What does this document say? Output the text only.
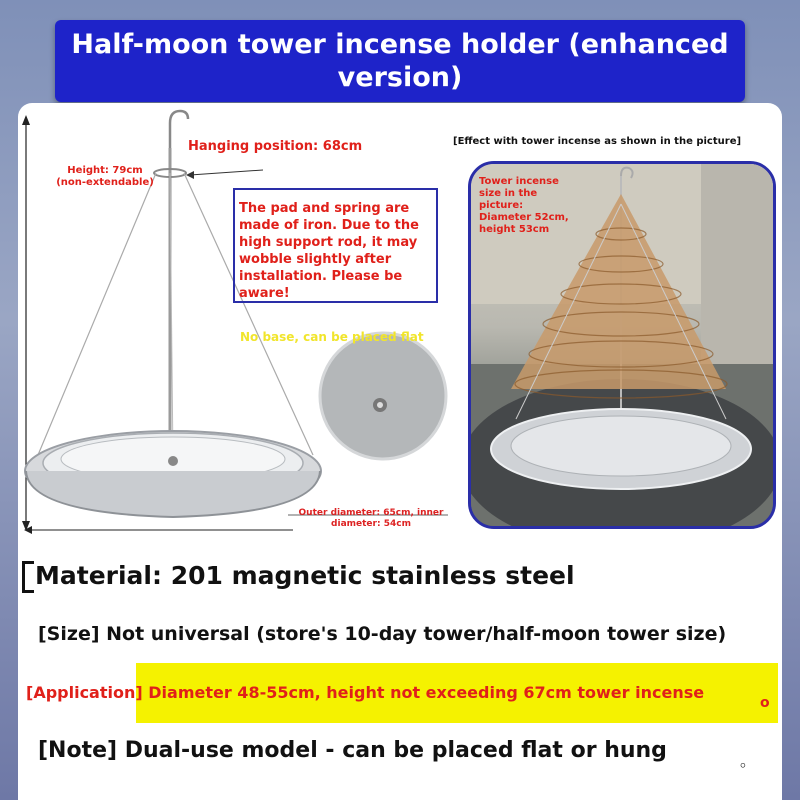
Half-moon tower incense holder (enhanced
version)
Hanging position: 68cm
Height: 79cm
(non-extendable)
The pad and spring are made of iron. Due to the high support rod, it may wobble slightly after installation. Please be aware!
No base, can be placed flat
Outer diameter: 65cm, inner
diameter: 54cm
[Effect with tower incense as shown in the picture]
Tower incense
size in the
picture:
Diameter 52cm,
height 53cm
Material: 201 magnetic stainless steel
[Size] Not universal (store's 10-day tower/half-moon tower size)
[Application] Diameter 48-55cm, height not exceeding 67cm tower incense
o
[Note] Dual-use model - can be placed flat or hung	。
